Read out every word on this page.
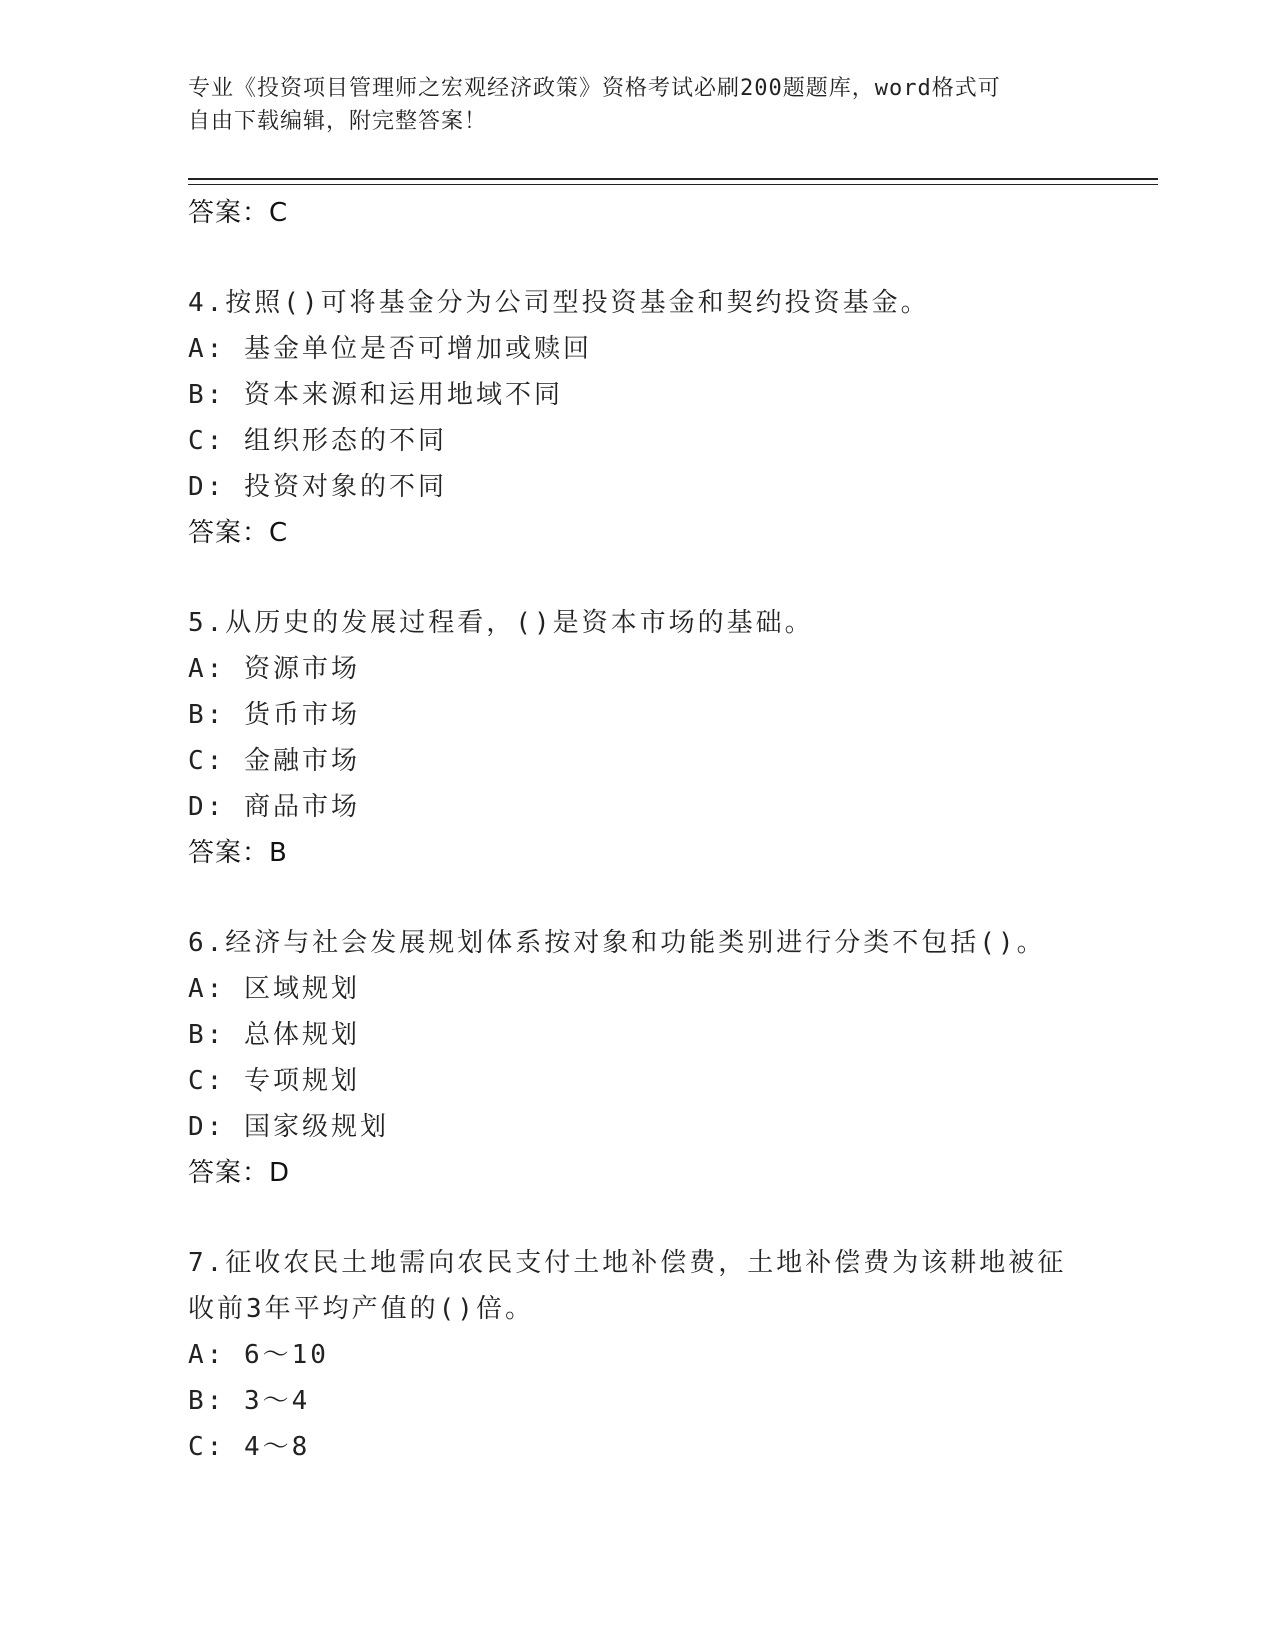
专业《投资项目管理师之宏观经济政策》资格考试必刷200题题库，word格式可
自由下载编辑，附完整答案！
答案：C
4.按照()可将基金分为公司型投资基金和契约投资基金。
A: 基金单位是否可增加或赎回
B: 资本来源和运用地域不同
C: 组织形态的不同
D: 投资对象的不同
答案：C
5.从历史的发展过程看，()是资本市场的基础。
A: 资源市场
B: 货币市场
C: 金融市场
D: 商品市场
答案：B
6.经济与社会发展规划体系按对象和功能类别进行分类不包括()。
A: 区域规划
B: 总体规划
C: 专项规划
D: 国家级规划
答案：D
7.征收农民土地需向农民支付土地补偿费，土地补偿费为该耕地被征
收前3年平均产值的()倍。
A: 6～10
B: 3～4
C: 4～8
